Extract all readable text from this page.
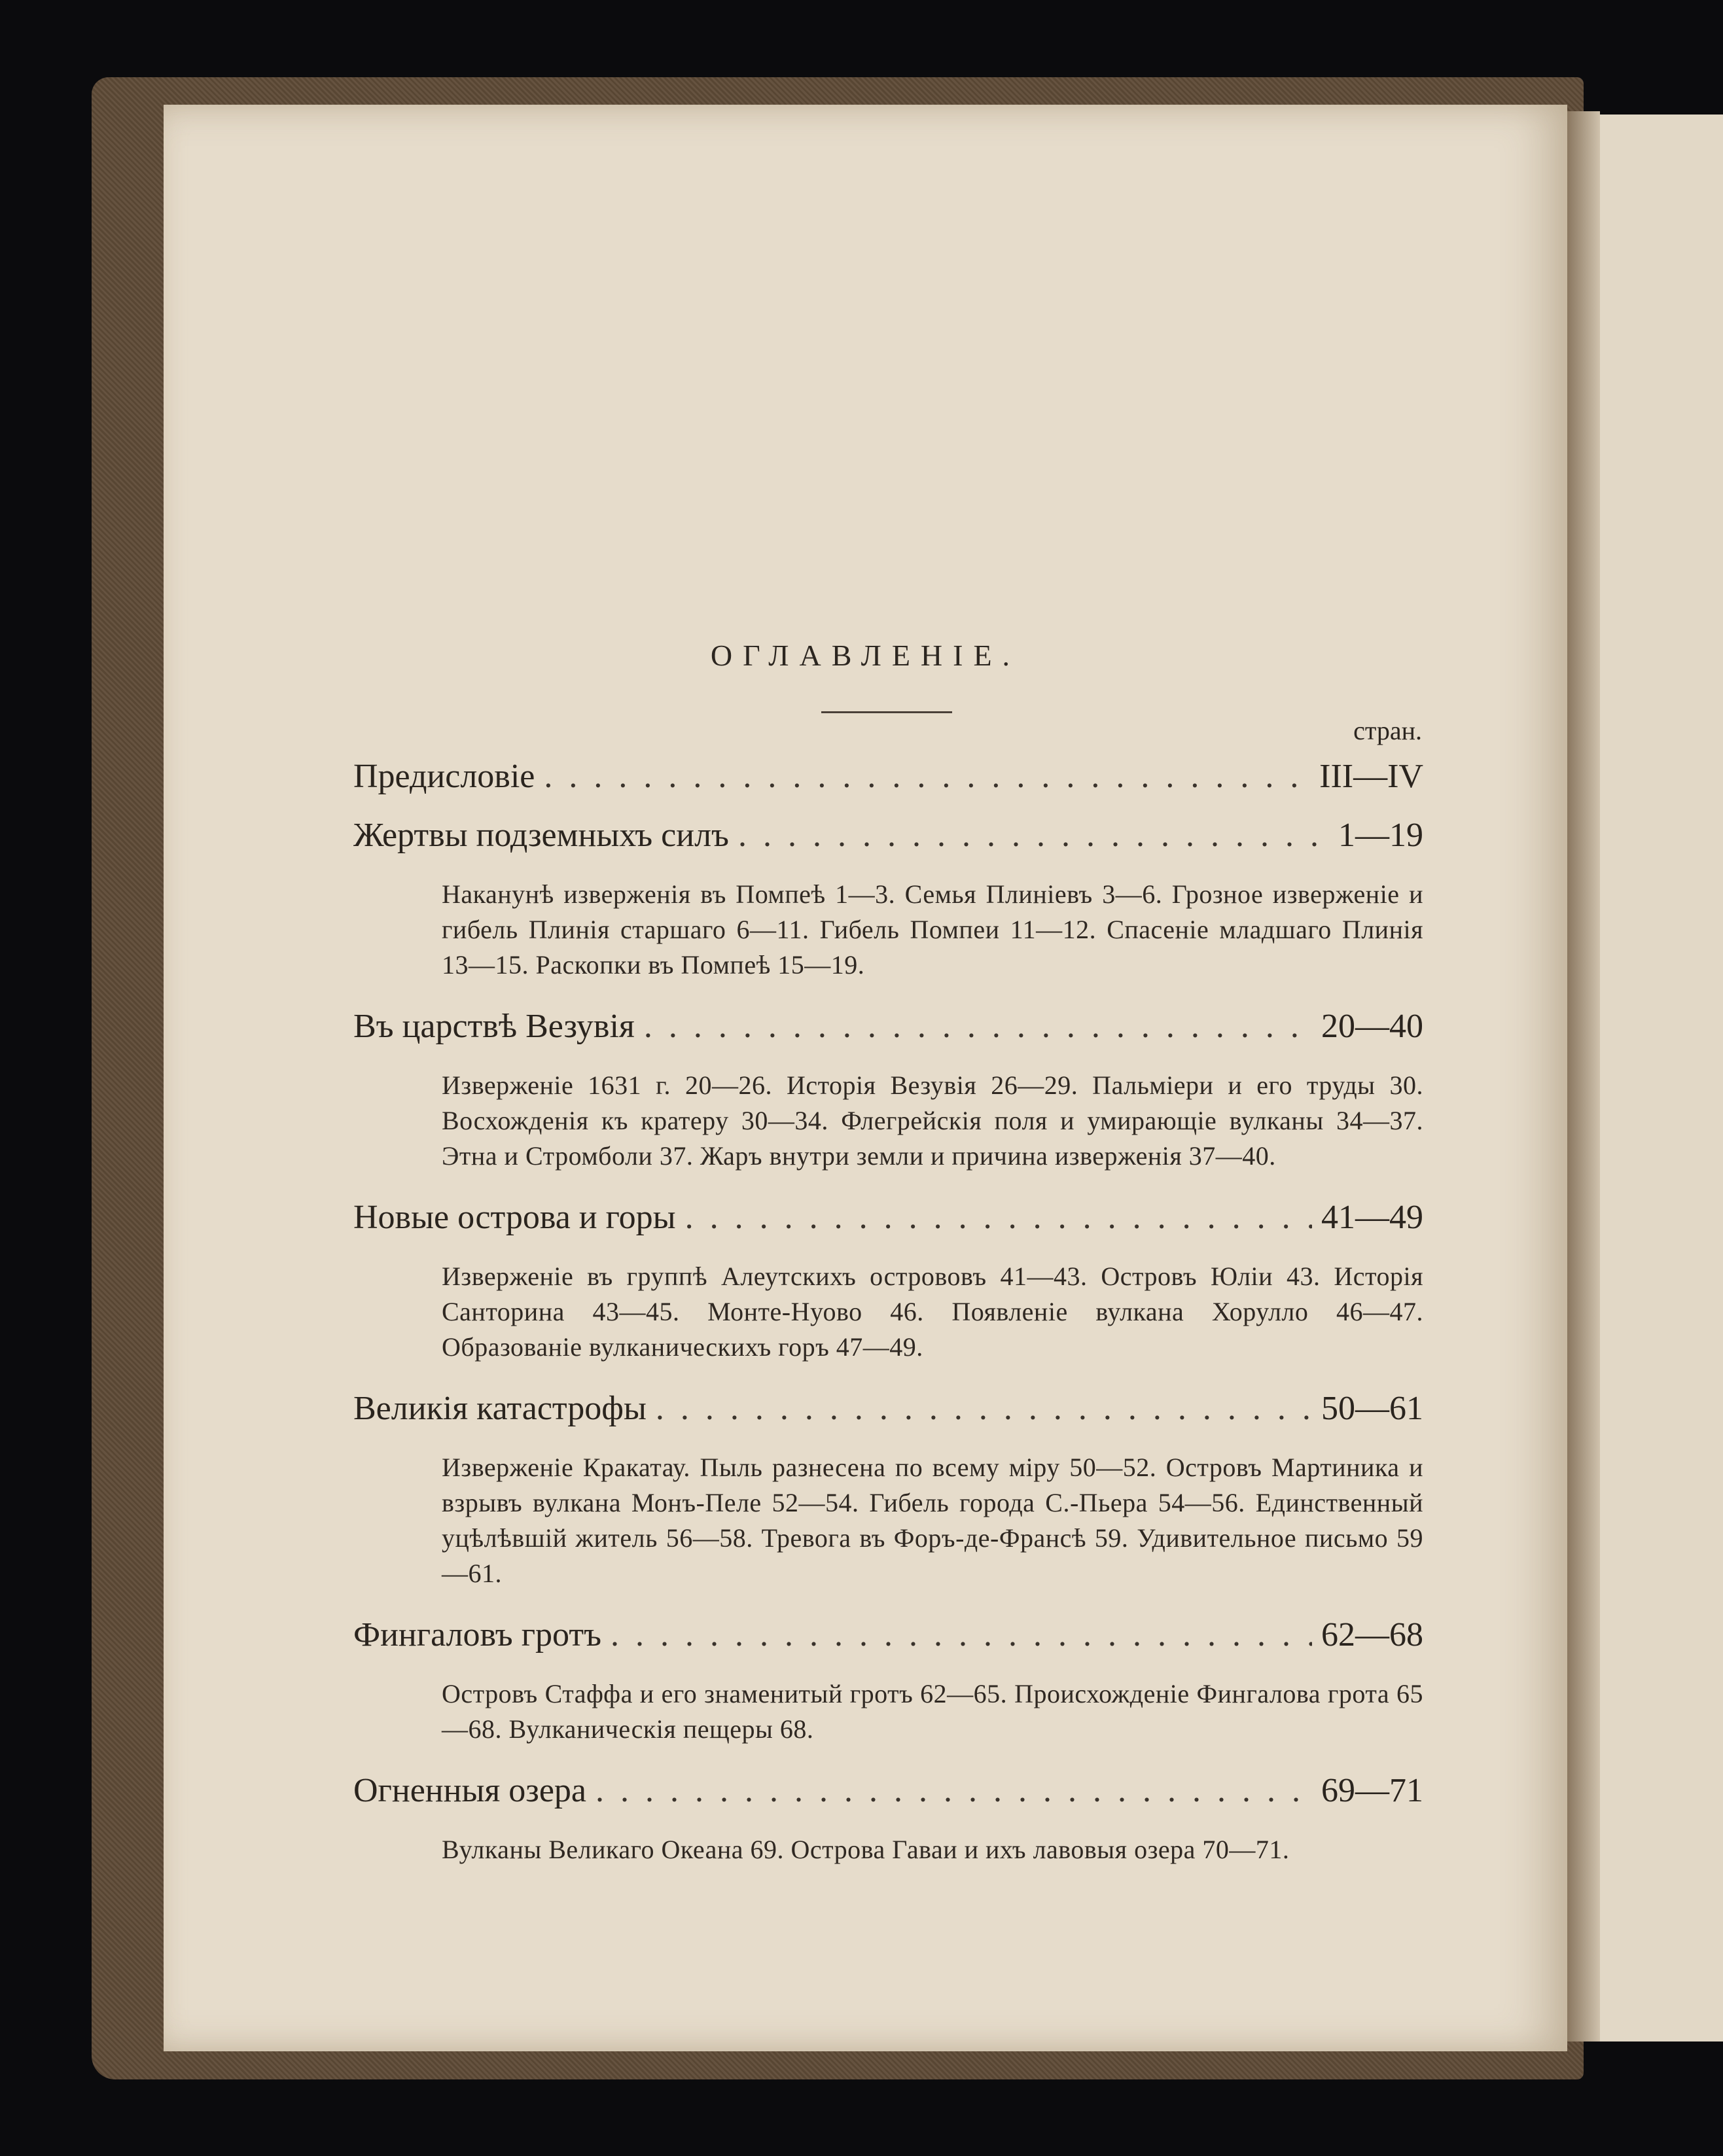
ОГЛАВЛЕНІЕ.
стран.
Предисловіе . . .	III—IV
Жертвы подземныхъ силъ . . .	1—19

Наканунѣ изверженія въ Помпеѣ 1—3. Семья Плиніевъ 3—6. Грозное изверженіе и гибель Плинія старшаго 6—11. Гибель Помпеи 11—12. Спасеніе младшаго Плинія 13—15. Раскопки въ Помпеѣ 15—19.

Въ царствѣ Везувія . . .	20—40

Изверженіе 1631 г. 20—26. Исторія Везувія 26—29. Пальміери и его труды 30. Восхожденія къ кратеру 30—34. Флегрейскія поля и умирающіе вулканы 34—37. Этна и Стромболи 37. Жаръ внутри земли и причина изверженія 37—40.

Новые острова и горы . . .	41—49

Изверженіе въ группѣ Алеутскихъ острововъ 41—43. Островъ Юліи 43. Исторія Санторина 43—45. Монте-Нуово 46. Появленіе вулкана Хорулло 46—47. Образованіе вулканическихъ горъ 47—49.

Великія катастрофы . . .	50—61

Изверженіе Кракатау. Пыль разнесена по всему міру 50—52. Островъ Мартиника и взрывъ вулкана Монъ-Пеле 52—54. Гибель города С.-Пьера 54—56. Единственный уцѣлѣвшій житель 56—58. Тревога въ Форъ-де-Франсѣ 59. Удивительное письмо 59—61.

Фингаловъ гротъ . . .	62—68

Островъ Стаффа и его знаменитый гротъ 62—65. Происхожденіе Фингалова грота 65—68. Вулканическія пещеры 68.

Огненныя озера . . .	69—71

Вулканы Великаго Океана 69. Острова Гаваи и ихъ лавовыя озера 70—71.
